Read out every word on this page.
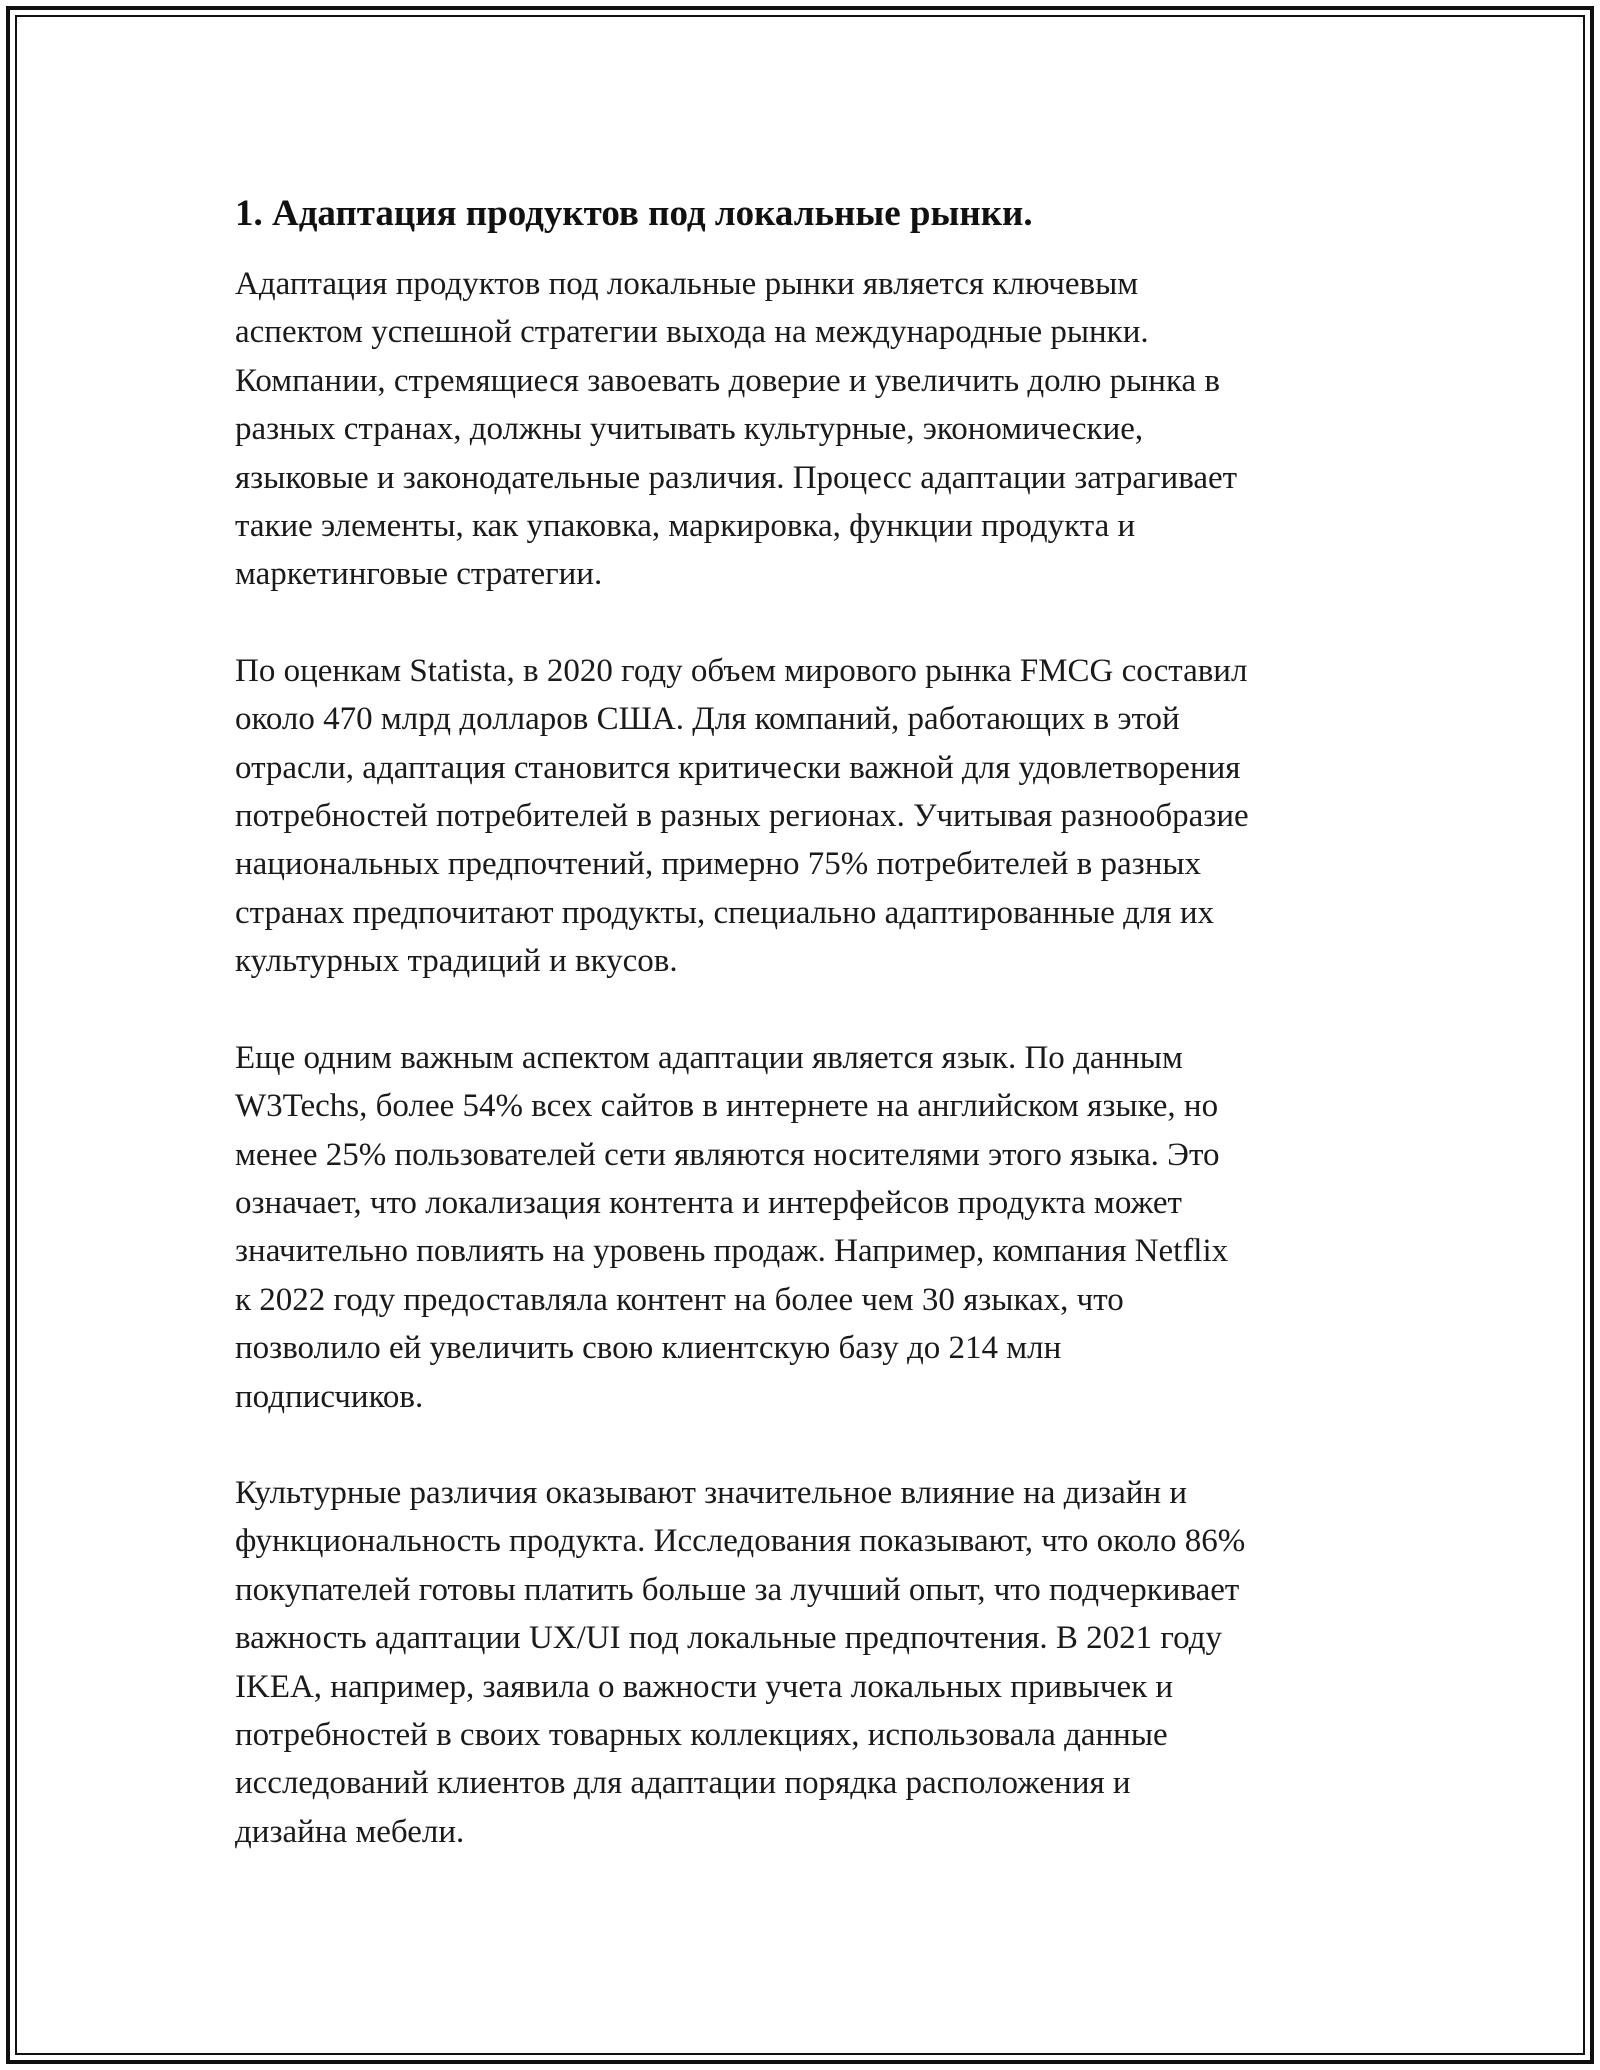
1. Адаптация продуктов под локальные рынки.

Адаптация продуктов под локальные рынки является ключевым
аспектом успешной стратегии выхода на международные рынки.
Компании, стремящиеся завоевать доверие и увеличить долю рынка в
разных странах, должны учитывать культурные, экономические,
языковые и законодательные различия. Процесс адаптации затрагивает
такие элементы, как упаковка, маркировка, функции продукта и
маркетинговые стратегии.

По оценкам Statista, в 2020 году объем мирового рынка FMCG составил
около 470 млрд долларов США. Для компаний, работающих в этой
отрасли, адаптация становится критически важной для удовлетворения
потребностей потребителей в разных регионах. Учитывая разнообразие
национальных предпочтений, примерно 75% потребителей в разных
странах предпочитают продукты, специально адаптированные для их
культурных традиций и вкусов.

Еще одним важным аспектом адаптации является язык. По данным
W3Techs, более 54% всех сайтов в интернете на английском языке, но
менее 25% пользователей сети являются носителями этого языка. Это
означает, что локализация контента и интерфейсов продукта может
значительно повлиять на уровень продаж. Например, компания Netflix
к 2022 году предоставляла контент на более чем 30 языках, что
позволило ей увеличить свою клиентскую базу до 214 млн
подписчиков.

Культурные различия оказывают значительное влияние на дизайн и
функциональность продукта. Исследования показывают, что около 86%
покупателей готовы платить больше за лучший опыт, что подчеркивает
важность адаптации UX/UI под локальные предпочтения. В 2021 году
IKEA, например, заявила о важности учета локальных привычек и
потребностей в своих товарных коллекциях, использовала данные
исследований клиентов для адаптации порядка расположения и
дизайна мебели.
